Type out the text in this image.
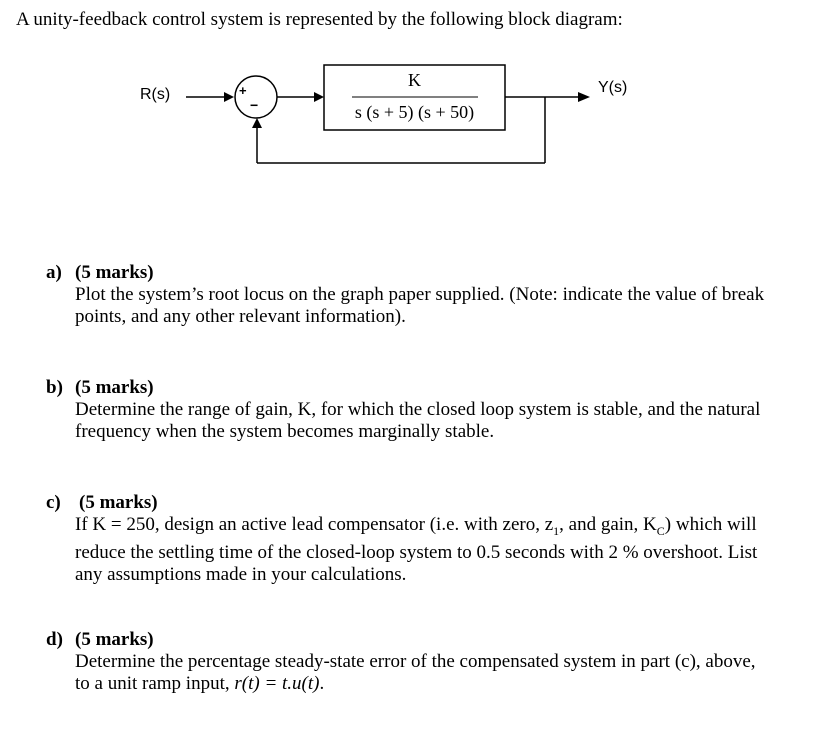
A unity-feedback control system is represented by the following block diagram:
R(s)	Y(s)
+
−
K
s (s + 5) (s + 50)
a) (5 marks)
Plot the system’s root locus on the graph paper supplied. (Note: indicate the value of break
points, and any other relevant information).
b) (5 marks)
Determine the range of gain, K, for which the closed loop system is stable, and the natural
frequency when the system becomes marginally stable.
c) (5 marks)
If K = 250, design an active lead compensator (i.e. with zero, $z_1$, and gain, $K_C$) which will
reduce the settling time of the closed-loop system to 0.5 seconds with 2 % overshoot. List
any assumptions made in your calculations.
d) (5 marks)
Determine the percentage steady-state error of the compensated system in part (c), above,
to a unit ramp input, r(t) = t.u(t).
